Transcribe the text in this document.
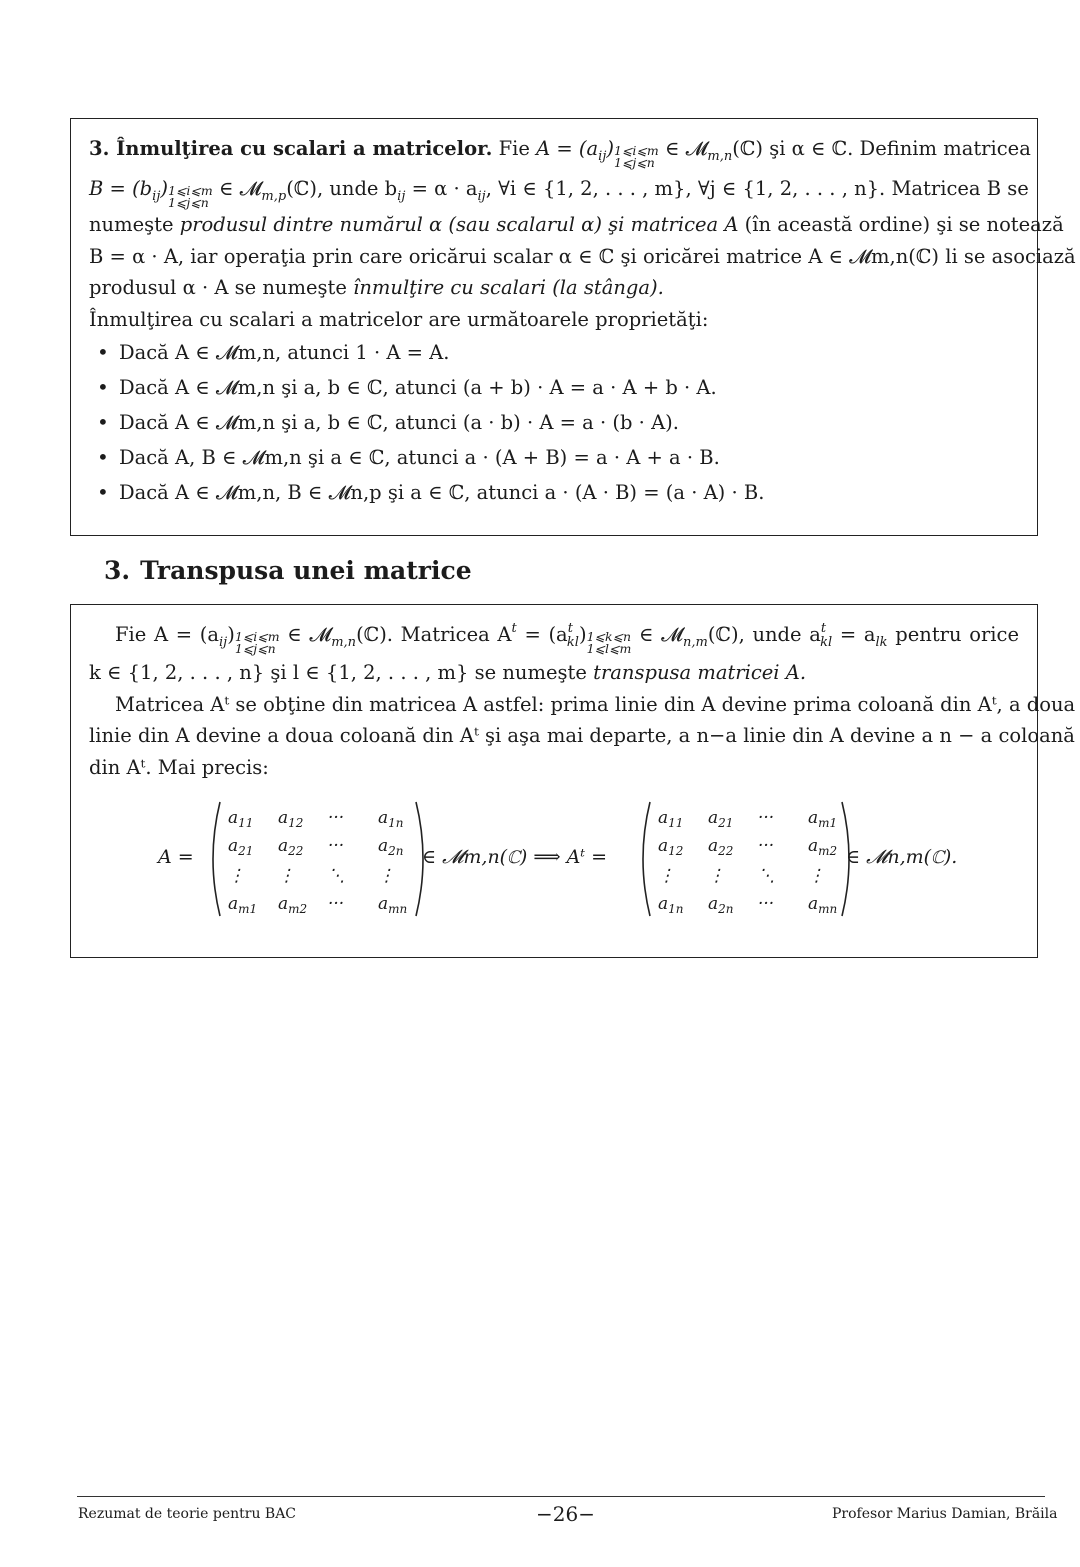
3. Înmulţirea cu scalari a matricelor. Fie $A = (a_{ij})$ 1⩽i⩽m
1⩽j⩽n
∈ 𝓜$_{m,n}$(ℂ) şi α ∈ ℂ. Definim matricea
$B = (b_{ij})$ 1⩽i⩽m
1⩽j⩽n
∈ 𝓜$_{m,p}$(ℂ), unde $b_{ij} = \alpha \cdot a_{ij}$, ∀i ∈ {1, 2, . . . , m}, ∀j ∈ {1, 2, . . . , n}. Matricea B se
numeşte produsul dintre numărul α (sau scalarul α) şi matricea A (în această ordine) şi se notează
B = α · A, iar operaţia prin care oricărui scalar α ∈ ℂ şi oricărei matrice A ∈ 𝓜m,n(ℂ) li se asociază
produsul α · A se numeşte înmulţire cu scalari (la stânga).
Înmulţirea cu scalari a matricelor are următoarele proprietăţi:
• Dacă A ∈ 𝓜m,n, atunci 1 · A = A.
• Dacă A ∈ 𝓜m,n şi a, b ∈ ℂ, atunci (a + b) · A = a · A + b · A.
• Dacă A ∈ 𝓜m,n şi a, b ∈ ℂ, atunci (a · b) · A = a · (b · A).
• Dacă A, B ∈ 𝓜m,n şi a ∈ ℂ, atunci a · (A + B) = a · A + a · B.
• Dacă A ∈ 𝓜m,n, B ∈ 𝓜n,p şi a ∈ ℂ, atunci a · (A · B) = (a · A) · B.
3. Transpusa unei matrice
Fie $A = (a_{ij})$ 1⩽i⩽m
1⩽j⩽n
∈ 𝓜$_{m,n}$(ℂ). Matricea $A^t = (a^t_{kl})$ 1⩽k⩽n
1⩽l⩽m
∈ 𝓜$_{n,m}$(ℂ), unde $a^t_{kl} = a_{lk}$ pentru orice
k ∈ {1, 2, . . . , n} şi l ∈ {1, 2, . . . , m} se numeşte transpusa matricei A.
Matricea Aᵗ se obţine din matricea A astfel: prima linie din A devine prima coloană din Aᵗ, a doua
linie din A devine a doua coloană din Aᵗ şi aşa mai departe, a n−a linie din A devine a n − a coloană
din Aᵗ. Mai precis:
A =
$a_{11}$ $a_{12}$ ··· $a_{1n}$
$a_{21}$ $a_{22}$ ··· $a_{2n}$
⋮ ⋮ ⋱ ⋮
$a_{m1}$ $a_{m2}$ ··· $a_{mn}$
∈ 𝓜m,n(ℂ) ⟹ Aᵗ =
$a_{11}$ $a_{21}$ ··· $a_{m1}$
$a_{12}$ $a_{22}$ ··· $a_{m2}$
⋮ ⋮ ⋱ ⋮
$a_{1n}$ $a_{2n}$ ··· $a_{mn}$
∈ 𝓜n,m(ℂ).
Rezumat de teorie pentru BAC	−26−	Profesor Marius Damian, Brăila
